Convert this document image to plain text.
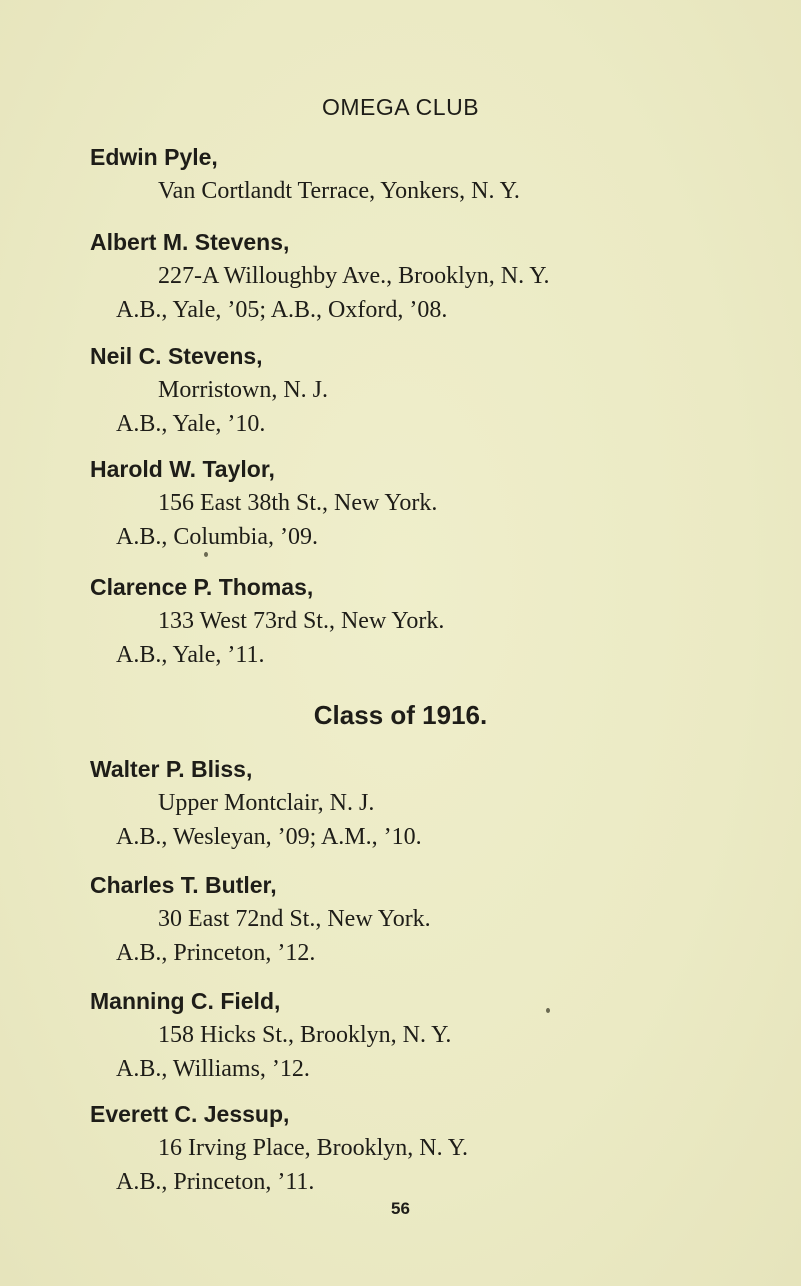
OMEGA CLUB
Edwin Pyle,
Van Cortlandt Terrace, Yonkers, N. Y.
Albert M. Stevens,
227-A Willoughby Ave., Brooklyn, N. Y.
A.B., Yale, ’05; A.B., Oxford, ’08.
Neil C. Stevens,
Morristown, N. J.
A.B., Yale, ’10.
Harold W. Taylor,
156 East 38th St., New York.
A.B., Columbia, ’09.
Clarence P. Thomas,
133 West 73rd St., New York.
A.B., Yale, ’11.
Class of 1916.
Walter P. Bliss,
Upper Montclair, N. J.
A.B., Wesleyan, ’09; A.M., ’10.
Charles T. Butler,
30 East 72nd St., New York.
A.B., Princeton, ’12.
Manning C. Field,
158 Hicks St., Brooklyn, N. Y.
A.B., Williams, ’12.
Everett C. Jessup,
16 Irving Place, Brooklyn, N. Y.
A.B., Princeton, ’11.
56
